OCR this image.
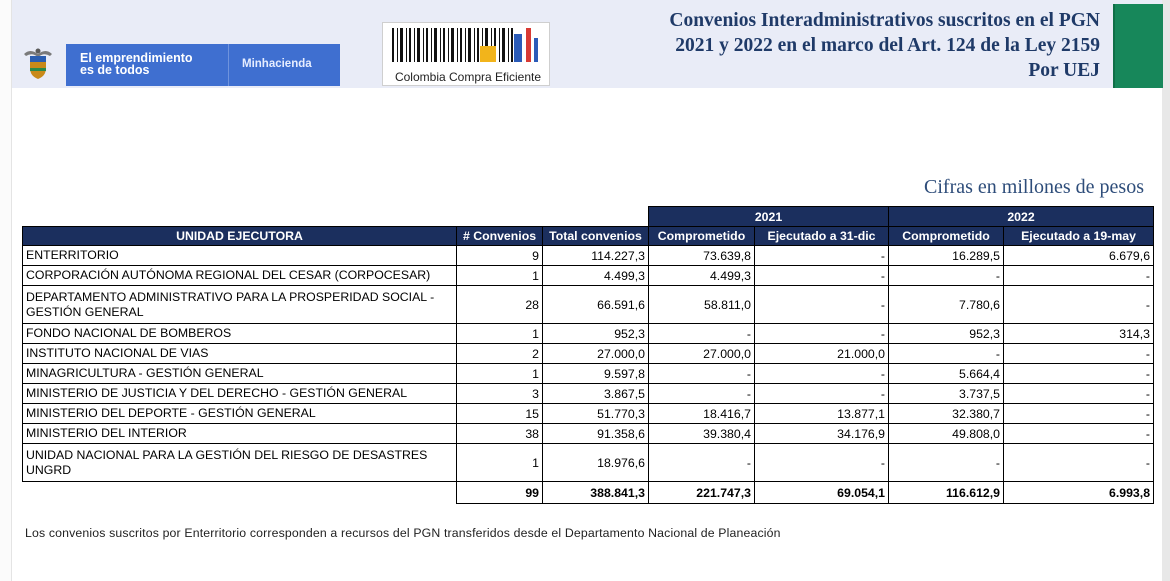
El emprendimiento
es de todos	Minhacienda
Colombia Compra Eficiente
Convenios Interadministrativos suscritos en el PGN
2021 y 2022 en el marco del Art. 124 de la Ley 2159
Por UEJ
Cifras en millones de pesos
			2021		2022	
UNIDAD EJECUTORA	# Convenios	Total convenios	Comprometido	Ejecutado a 31-dic	Comprometido	Ejecutado a 19-may
ENTERRITORIO	9	114.227,3	73.639,8	-	16.289,5	6.679,6
CORPORACIÓN AUTÓNOMA REGIONAL DEL CESAR (CORPOCESAR)	1	4.499,3	4.499,3	-	-	-
DEPARTAMENTO ADMINISTRATIVO PARA LA PROSPERIDAD SOCIAL - GESTIÓN GENERAL	28	66.591,6	58.811,0	-	7.780,6	-
FONDO NACIONAL DE BOMBEROS	1	952,3	-	-	952,3	314,3
INSTITUTO NACIONAL DE VIAS	2	27.000,0	27.000,0	21.000,0	-	-
MINAGRICULTURA - GESTIÓN GENERAL	1	9.597,8	-	-	5.664,4	-
MINISTERIO DE JUSTICIA Y DEL DERECHO - GESTIÓN GENERAL	3	3.867,5	-	-	3.737,5	-
MINISTERIO DEL DEPORTE - GESTIÓN GENERAL	15	51.770,3	18.416,7	13.877,1	32.380,7	-
MINISTERIO DEL INTERIOR	38	91.358,6	39.380,4	34.176,9	49.808,0	-
UNIDAD NACIONAL PARA LA GESTIÓN DEL RIESGO DE DESASTRES UNGRD	1	18.976,6	-	-	-	-
	99	388.841,3	221.747,3	69.054,1	116.612,9	6.993,8
Los convenios suscritos por Enterritorio corresponden a recursos del PGN transferidos desde el Departamento Nacional de Planeación
